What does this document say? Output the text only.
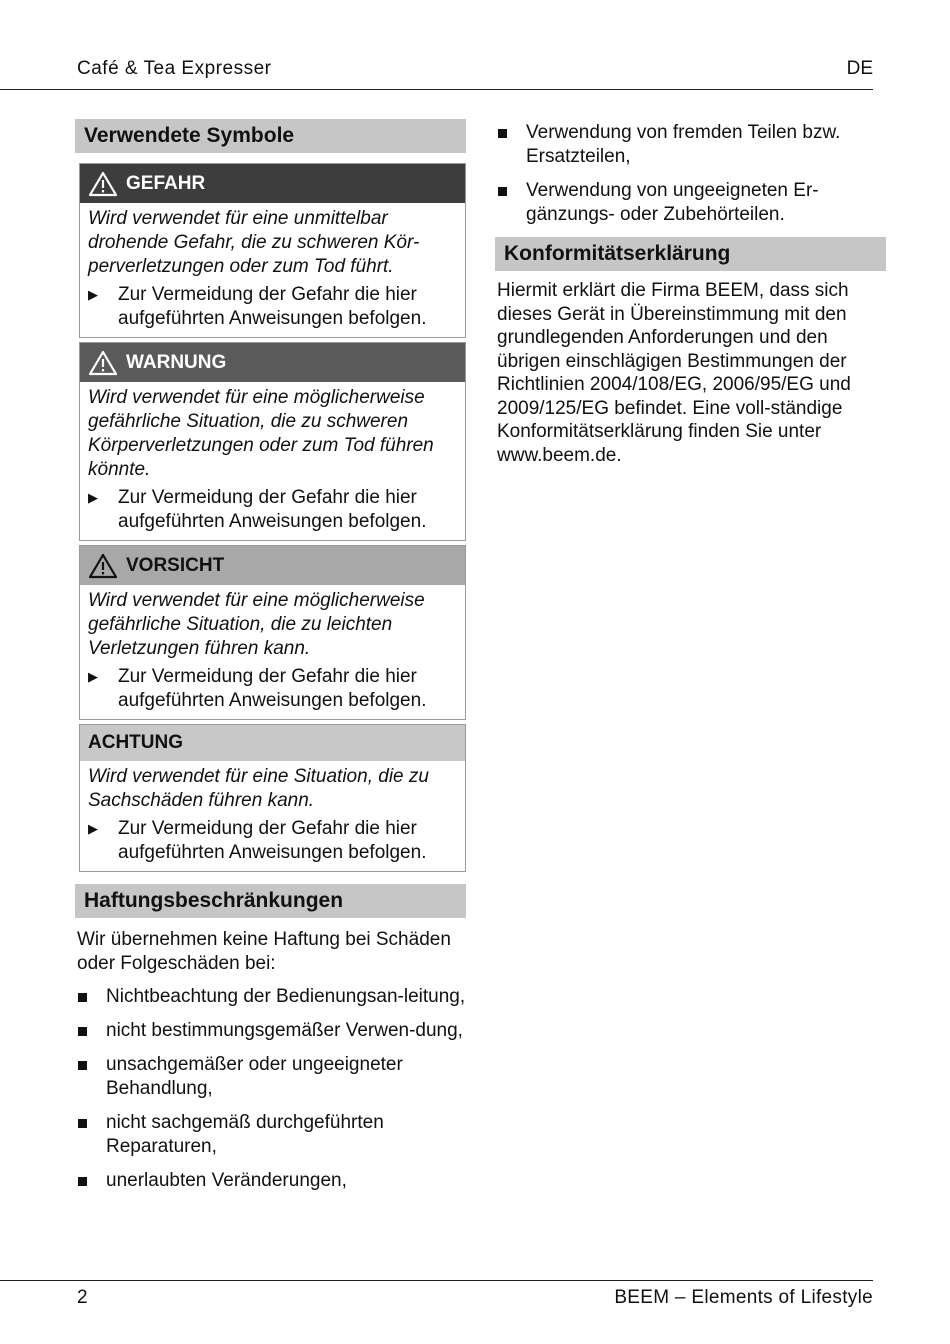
Café & Tea Expresser	DE
Verwendete Symbole
GEFAHR
Wird verwendet für eine unmittelbar drohende Gefahr, die zu schweren Kör-perverletzungen oder zum Tod führt.
▶	Zur Vermeidung der Gefahr die hier aufgeführten Anweisungen befolgen.
WARNUNG
Wird verwendet für eine möglicherweise gefährliche Situation, die zu schweren Körperverletzungen oder zum Tod führen könnte.
▶	Zur Vermeidung der Gefahr die hier aufgeführten Anweisungen befolgen.
VORSICHT
Wird verwendet für eine möglicherweise gefährliche Situation, die zu leichten Verletzungen führen kann.
▶	Zur Vermeidung der Gefahr die hier aufgeführten Anweisungen befolgen.
ACHTUNG
Wird verwendet für eine Situation, die zu Sachschäden führen kann.
▶	Zur Vermeidung der Gefahr die hier aufgeführten Anweisungen befolgen.
Haftungsbeschränkungen
Wir übernehmen keine Haftung bei Schäden oder Folgeschäden bei:
Nichtbeachtung der Bedienungsan-leitung,
nicht bestimmungsgemäßer Verwen-dung,
unsachgemäßer oder ungeeigneter Behandlung,
nicht sachgemäß durchgeführten Reparaturen,
unerlaubten Veränderungen,
Verwendung von fremden Teilen bzw. Ersatzteilen,
Verwendung von ungeeigneten Er-gänzungs- oder Zubehörteilen.
Konformitätserklärung
Hiermit erklärt die Firma BEEM, dass sich dieses Gerät in Übereinstimmung mit den grundlegenden Anforderungen und den übrigen einschlägigen Bestimmungen der Richtlinien 2004/108/EG, 2006/95/EG und 2009/125/EG befindet. Eine voll-ständige Konformitätserklärung finden Sie unter www.beem.de.
2	BEEM – Elements of Lifestyle
